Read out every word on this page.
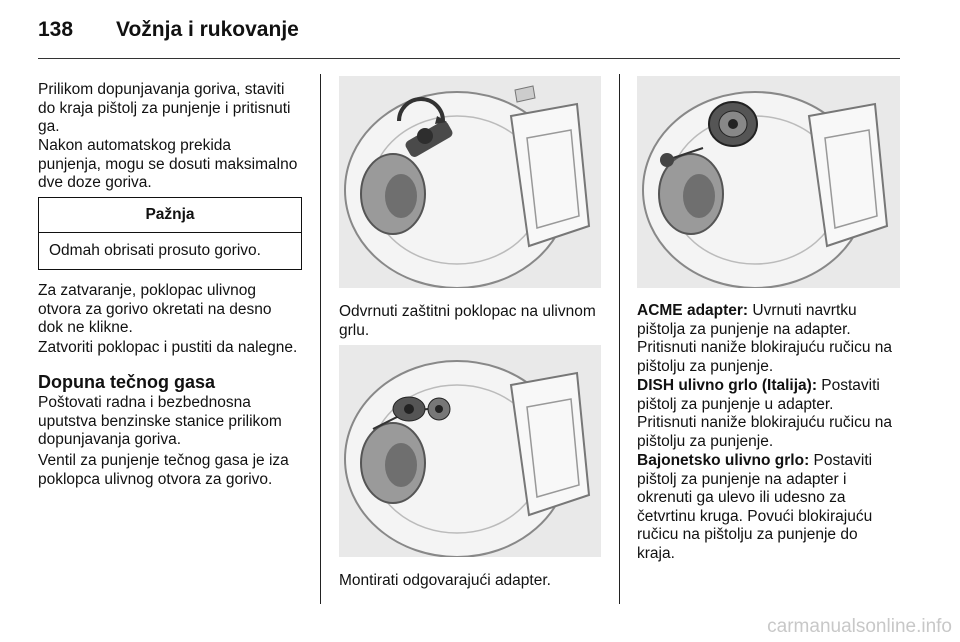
138 Vožnja i rukovanje
Prilikom dopunjavanja goriva, staviti
do kraja pištolj za punjenje i pritisnuti
ga.
Nakon automatskog prekida
punjenja, mogu se dosuti maksimalno
dve doze goriva.
Pažnja
Odmah obrisati prosuto gorivo.
Za zatvaranje, poklopac ulivnog
otvora za gorivo okretati na desno
dok ne klikne.
Zatvoriti poklopac i pustiti da nalegne.
Dopuna tečnog gasa
Poštovati radna i bezbednosna
uputstva benzinske stanice prilikom
dopunjavanja goriva.
Ventil za punjenje tečnog gasa je iza
poklopca ulivnog otvora za gorivo.
Odvrnuti zaštitni poklopac na ulivnom
grlu.
Montirati odgovarajući adapter.
ACME adapter: Uvrnuti navrtku
pištolja za punjenje na adapter.
Pritisnuti naniže blokirajuću ručicu na
pištolju za punjenje.
DISH ulivno grlo (Italija): Postaviti
pištolj za punjenje u adapter.
Pritisnuti naniže blokirajuću ručicu na
pištolju za punjenje.
Bajonetsko ulivno grlo: Postaviti
pištolj za punjenje na adapter i
okrenuti ga ulevo ili udesno za
četvrtinu kruga. Povući blokirajuću
ručicu na pištolju za punjenje do
kraja.
carmanualsonline.info
